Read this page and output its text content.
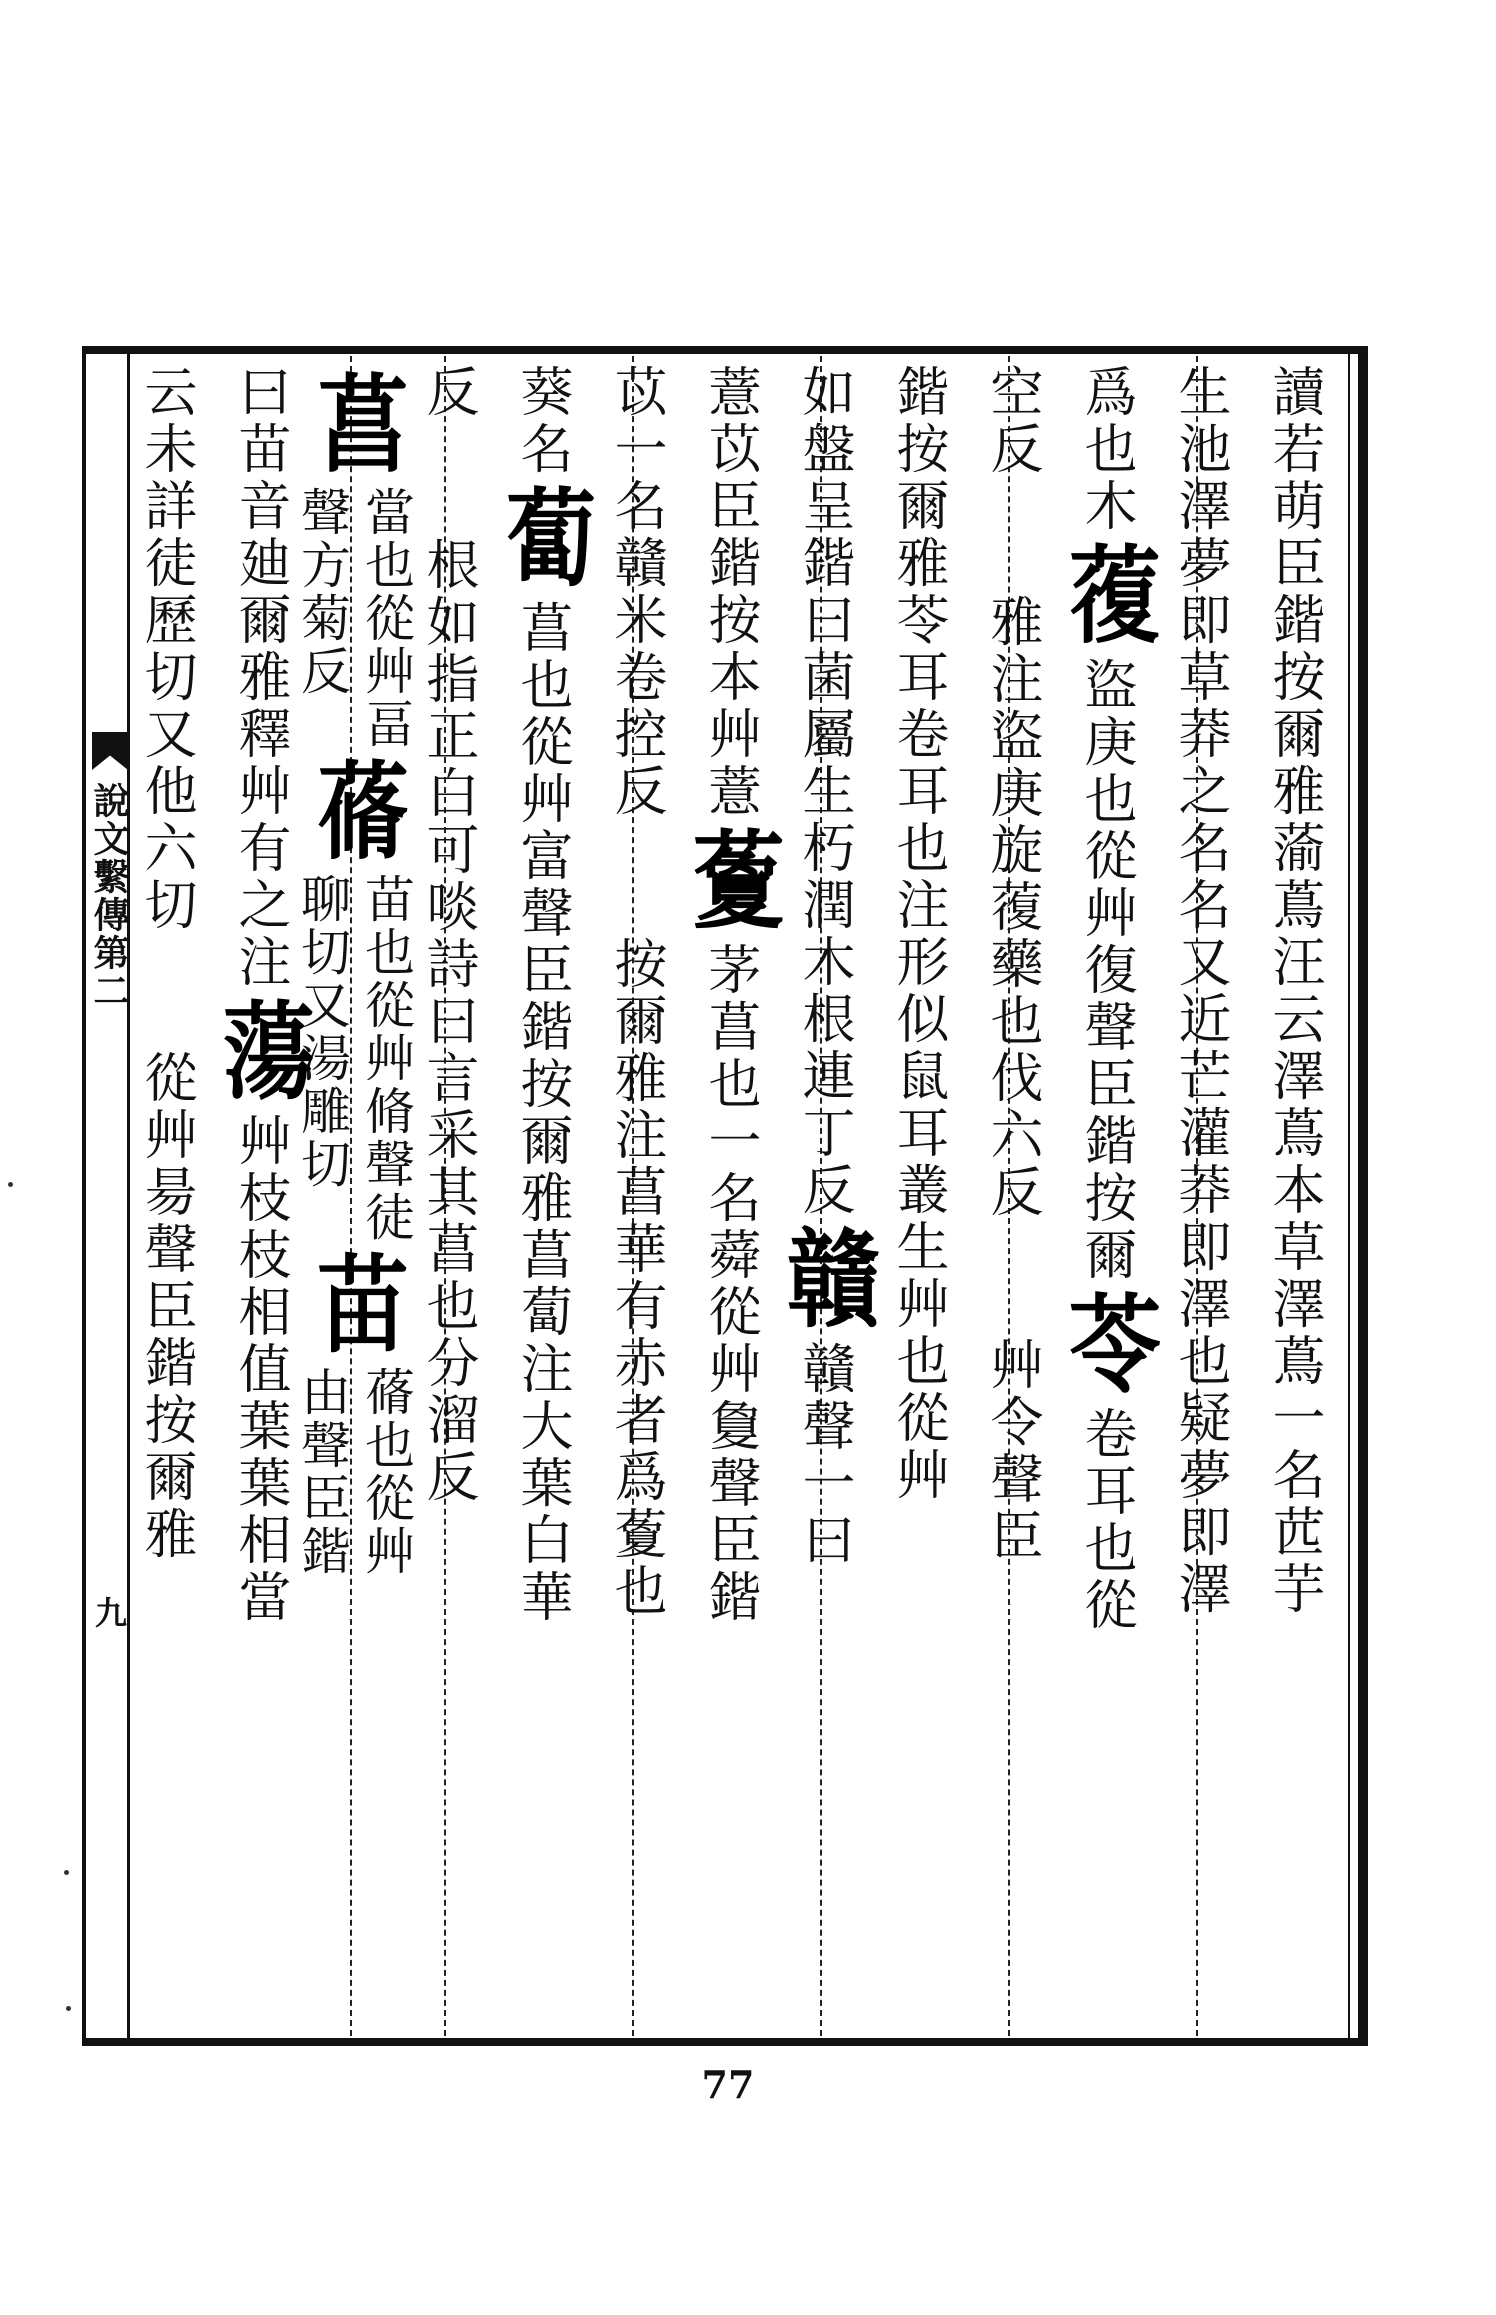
說文繫傳第二
九	讀若萌臣鍇按爾雅蕍蔦汪云澤蔦本草澤蔦一名苉芋
生池澤夢即草莽之名名又近芒灌莽即澤也疑夢即澤
爲也木
蕧
盜庚也從艸復聲臣鍇按爾
苓
卷耳也從
空反
雅注盜庚旋蕧藥也伐六反
艸令聲臣
鍇按爾雅苓耳卷耳也注形似鼠耳叢生艸也從艸
如盤呈鍇曰菌屬生朽潤木根連丁反
贛
贛聲一曰
薏苡臣鍇按本艸薏
藑
茅菖也一名蕣從艸敻聲臣鍇
苡一名贛米卷控反
按爾雅注菖華有赤者爲藑也
葵名
蔔
菖也從艸富聲臣鍇按爾雅菖蔔注大葉白華
反
根如指正白可啖詩曰言采其菖也分溜反
菖
當也從艸畐
聲方菊反
蓨
苗也從艸脩聲徒
聊切又湯雕切
苗
蓨也從艸
由聲臣鍇
曰苗音廸爾雅釋艸有之注
蕩
艸枝枝相值葉葉相當
云未詳徒歷切又他六切
從艸昜聲臣鍇按爾雅
77
